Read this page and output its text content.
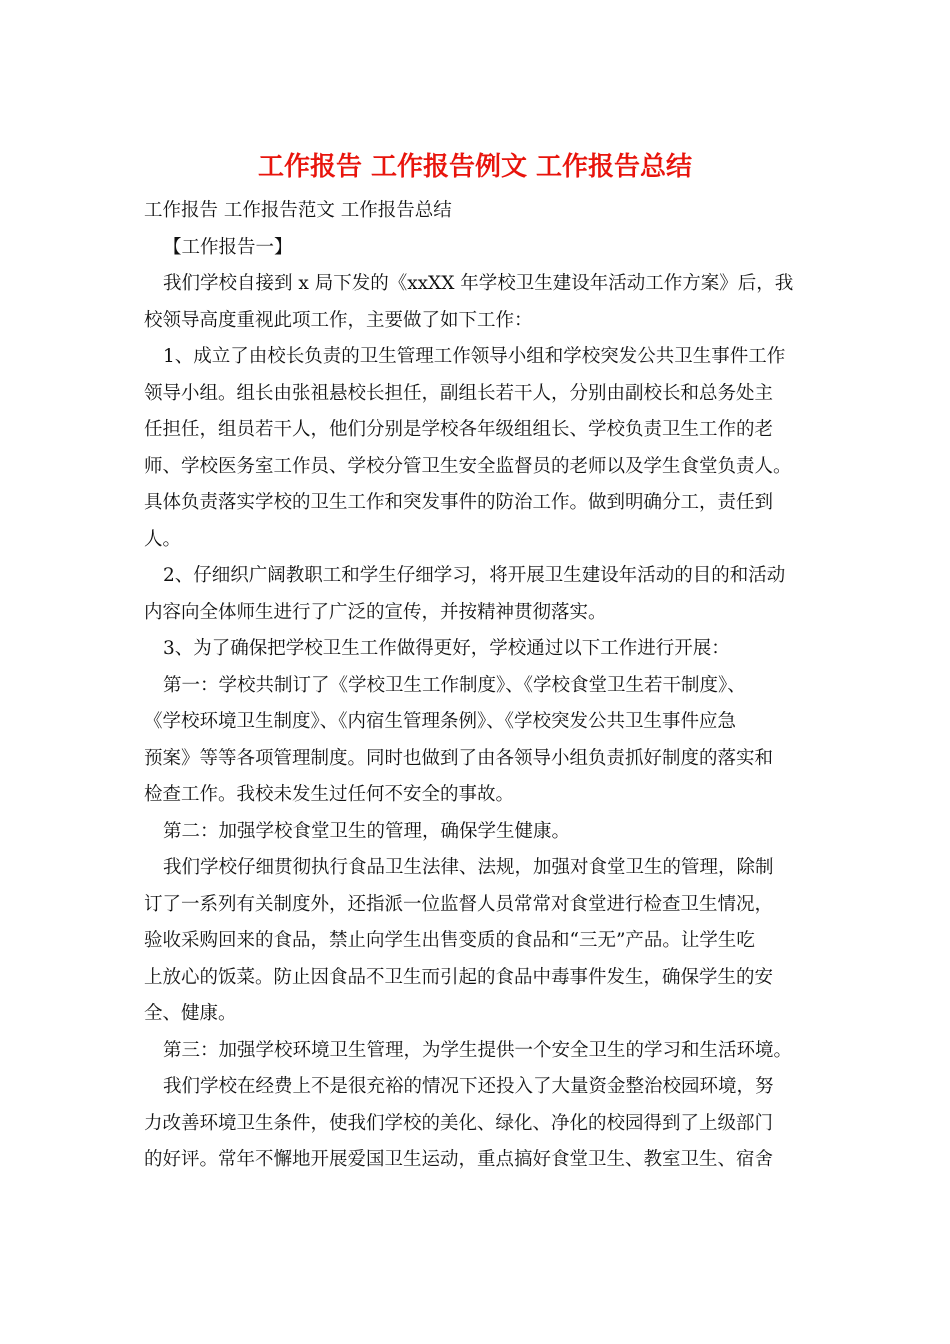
工作报告 工作报告例文 工作报告总结
工作报告 工作报告范文 工作报告总结
【工作报告一】
我们学校自接到 x 局下发的《xxXX 年学校卫生建设年活动工作方案》后，我
校领导高度重视此项工作，主要做了如下工作：
1、成立了由校长负责的卫生管理工作领导小组和学校突发公共卫生事件工作
领导小组。组长由张祖悬校长担任，副组长若干人，分别由副校长和总务处主
任担任，组员若干人，他们分别是学校各年级组组长、学校负责卫生工作的老
师、学校医务室工作员、学校分管卫生安全监督员的老师以及学生食堂负责人。
具体负责落实学校的卫生工作和突发事件的防治工作。做到明确分工，责任到
人。
2、仔细织广阔教职工和学生仔细学习，将开展卫生建设年活动的目的和活动
内容向全体师生进行了广泛的宣传，并按精神贯彻落实。
3、为了确保把学校卫生工作做得更好，学校通过以下工作进行开展：
第一：学校共制订了《学校卫生工作制度》、《学校食堂卫生若干制度》、
《学校环境卫生制度》、《内宿生管理条例》、《学校突发公共卫生事件应急
预案》等等各项管理制度。同时也做到了由各领导小组负责抓好制度的落实和
检查工作。我校未发生过任何不安全的事故。
第二：加强学校食堂卫生的管理，确保学生健康。
我们学校仔细贯彻执行食品卫生法律、法规，加强对食堂卫生的管理，除制
订了一系列有关制度外，还指派一位监督人员常常对食堂进行检查卫生情况，
验收采购回来的食品，禁止向学生出售变质的食品和“三无”产品。让学生吃
上放心的饭菜。防止因食品不卫生而引起的食品中毒事件发生，确保学生的安
全、健康。
第三：加强学校环境卫生管理，为学生提供一个安全卫生的学习和生活环境。
我们学校在经费上不是很充裕的情况下还投入了大量资金整治校园环境，努
力改善环境卫生条件，使我们学校的美化、绿化、净化的校园得到了上级部门
的好评。常年不懈地开展爱国卫生运动，重点搞好食堂卫生、教室卫生、宿舍
